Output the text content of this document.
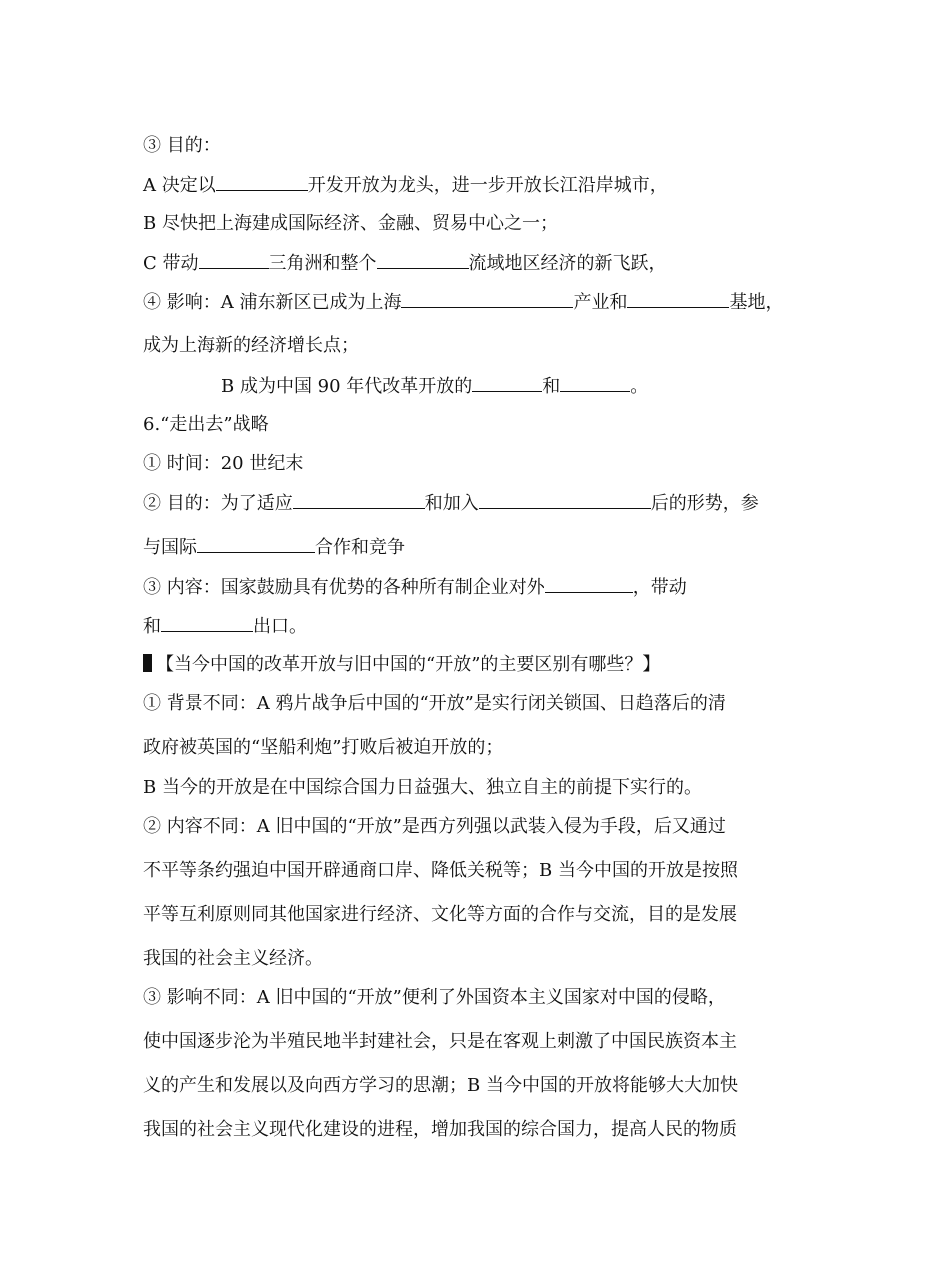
③ 目的：
A 决定以	开发开放为龙头，进一步开放长江沿岸城市，
B 尽快把上海建成国际经济、金融、贸易中心之一；
C 带动	三角洲和整个	流域地区经济的新飞跃，
④ 影响：A 浦东新区已成为上海	产业和	基地，
成为上海新的经济增长点；
B 成为中国 90 年代改革开放的	和	。
6.“走出去”战略
① 时间：20 世纪末
② 目的：为了适应	和加入	后的形势，参
与国际	合作和竞争
③ 内容：国家鼓励具有优势的各种所有制企业对外	，带动
和	出口。
【当今中国的改革开放与旧中国的“开放”的主要区别有哪些？】
① 背景不同：A 鸦片战争后中国的“开放”是实行闭关锁国、日趋落后的清
政府被英国的“坚船利炮”打败后被迫开放的；
B 当今的开放是在中国综合国力日益强大、独立自主的前提下实行的。
② 内容不同：A 旧中国的“开放”是西方列强以武装入侵为手段，后又通过
不平等条约强迫中国开辟通商口岸、降低关税等；B 当今中国的开放是按照
平等互利原则同其他国家进行经济、文化等方面的合作与交流，目的是发展
我国的社会主义经济。
③ 影响不同：A 旧中国的“开放”便利了外国资本主义国家对中国的侵略，
使中国逐步沦为半殖民地半封建社会，只是在客观上刺激了中国民族资本主
义的产生和发展以及向西方学习的思潮；B 当今中国的开放将能够大大加快
我国的社会主义现代化建设的进程，增加我国的综合国力，提高人民的物质
